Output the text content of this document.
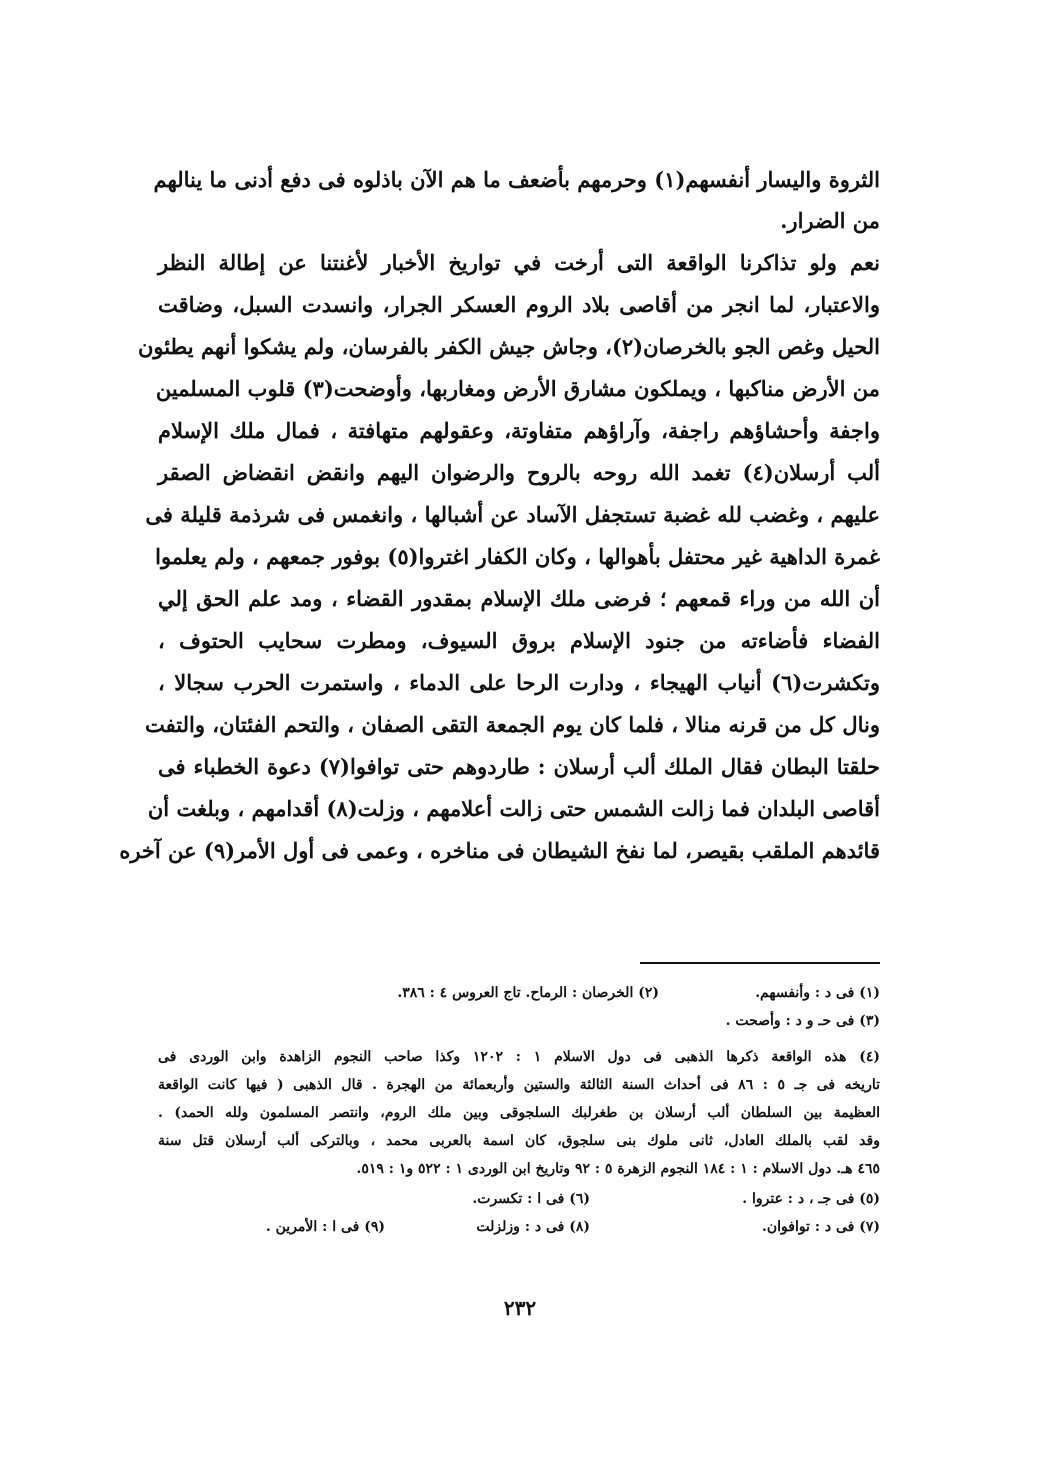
الثروة واليسار أنفسهم(١) وحرمهم بأضعف ما هم الآن باذلوه فى دفع أدنى ما ينالهم
من الضرار.
نعم ولو تذاكرنا الواقعة التى أرخت في تواريخ الأخبار لأغنتنا عن إطالة النظر
والاعتبار، لما انجر من أقاصى بلاد الروم العسكر الجرار، وانسدت السبل، وضاقت
الحيل وغص الجو بالخرصان(٢)، وجاش جيش الكفر بالفرسان، ولم يشكوا أنهم يطئون
من الأرض مناكبها ، ويملكون مشارق الأرض ومغاربها، وأوضحت(٣) قلوب المسلمين
واجفة وأحشاؤهم راجفة، وآراؤهم متفاوتة، وعقولهم متهافتة ، فمال ملك الإسلام
ألب أرسلان(٤) تغمد الله روحه بالروح والرضوان اليهم وانقض انقضاض الصقر
عليهم ، وغضب لله غضبة تستجفل الآساد عن أشبالها ، وانغمس فى شرذمة قليلة فى
غمرة الداهية غير محتفل بأهوالها ، وكان الكفار اغتروا(٥) بوفور جمعهم ، ولم يعلموا
أن الله من وراء قمعهم ؛ فرضى ملك الإسلام بمقدور القضاء ، ومد علم الحق إلي
الفضاء فأضاءته من جنود الإسلام بروق السيوف، ومطرت سحايب الحتوف ،
وتكشرت(٦) أنياب الهيجاء ، ودارت الرحا على الدماء ، واستمرت الحرب سجالا ،
ونال كل من قرنه منالا ، فلما كان يوم الجمعة التقى الصفان ، والتحم الفئتان، والتفت
حلقتا البطان فقال الملك ألب أرسلان : طاردوهم حتى توافوا(٧) دعوة الخطباء فى
أقاصى البلدان فما زالت الشمس حتى زالت أعلامهم ، وزلت(٨) أقدامهم ، وبلغت أن
قائدهم الملقب بقيصر، لما نفخ الشيطان فى مناخره ، وعمى فى أول الأمر(٩) عن آخره
(١) فى د : وأنفسهم.
(٢) الخرصان : الرماح. تاج العروس ٤ : ٣٨٦.
(٣) فى حـ و د : وأصحت .
(٤) هذه الواقعة ذكرها الذهبى فى دول الاسلام ١ : ١٢٠٢ وكذا صاحب النجوم الزاهدة وابن الوردى فى
تاريخه فى جـ ٥ : ٨٦ فى أحداث السنة الثالثة والستين وأربعمائة من الهجرة . قال الذهبى ( فيها كانت الواقعة
العظيمة بين السلطان ألب أرسلان بن طغرلبك السلجوقى وبين ملك الروم، وانتصر المسلمون ولله الحمد) .
وقد لقب بالملك العادل، ثانى ملوك بنى سلجوق، كان اسمة بالعربى محمد ، وبالتركى ألب أرسلان قتل سنة
٤٦٥ هـ. دول الاسلام : ١ : ١٨٤ النجوم الزهرة ٥ : ٩٢ وتاريخ ابن الوردى ١ : ٥٢٢ و١ : ٥١٩.
(٥) فى جـ ، د : عتروا .
(٦) فى ا : تكسرت.
(٧) فى د : توافوان.
(٨) فى د : وزلزلت
(٩) فى ا : الأمرين .
٢٣٢
